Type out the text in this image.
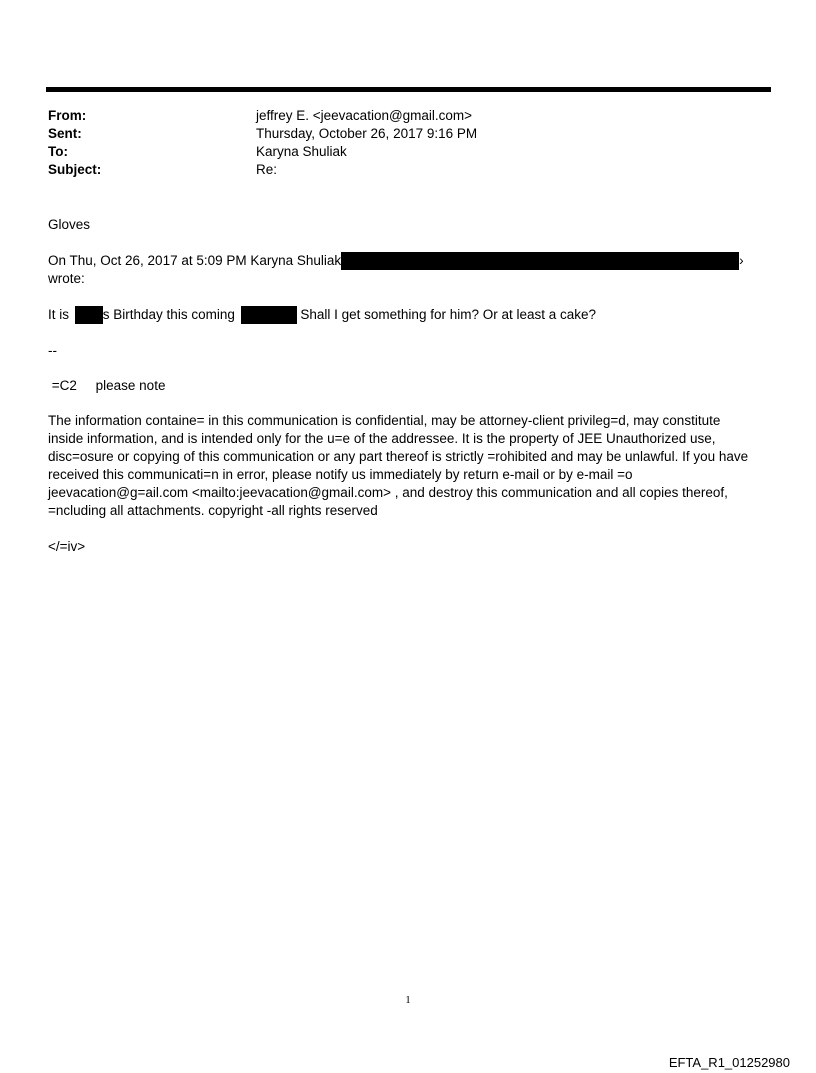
From:	jeffrey E. <jeevacation@gmail.com>
Sent:	Thursday, October 26, 2017 9:16 PM
To:	Karyna Shuliak
Subject:	Re:
Gloves
On Thu, Oct 26, 2017 at 5:09 PM Karyna Shuliak	›
wrote:
It is	s Birthday this coming	Shall I get something for him? Or at least a cake?
--
=C2     please note
The information containe= in this communication is confidential, may be attorney-client privileg=d, may constitute
inside information, and is intended only for the u=e of the addressee. It is the property of JEE Unauthorized use,
disc=osure or copying of this communication or any part thereof is strictly =rohibited and may be unlawful. If you have
received this communicati=n in error, please notify us immediately by return e-mail or by e-mail =o
jeevacation@g=ail.com <mailto:jeevacation@gmail.com> , and destroy this communication and all copies thereof,
=ncluding all attachments. copyright -all rights reserved
</=iv>
1
EFTA_R1_01252980
